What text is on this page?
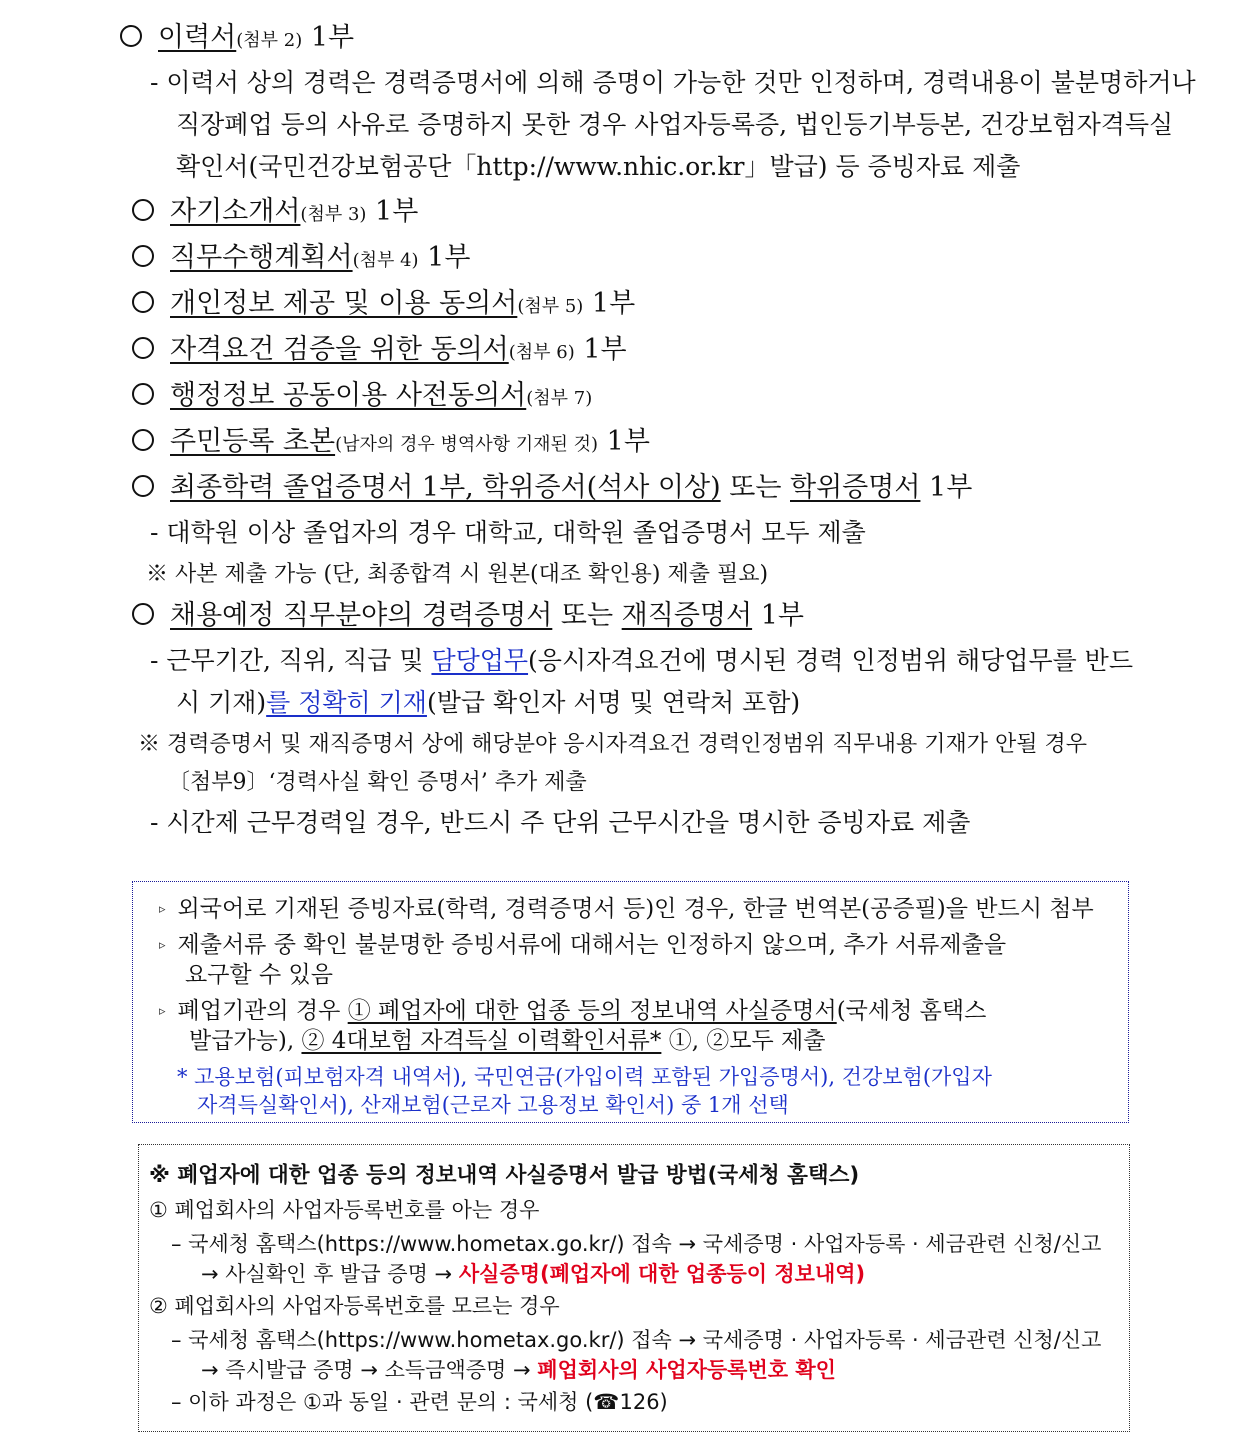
이력서(첨부 2) 1부
- 이력서 상의 경력은 경력증명서에 의해 증명이 가능한 것만 인정하며, 경력내용이 불분명하거나
직장폐업 등의 사유로 증명하지 못한 경우 사업자등록증, 법인등기부등본, 건강보험자격득실
확인서(국민건강보험공단「http://www.nhic.or.kr」발급) 등 증빙자료 제출
자기소개서(첨부 3) 1부
직무수행계획서(첨부 4) 1부
개인정보 제공 및 이용 동의서(첨부 5) 1부
자격요건 검증을 위한 동의서(첨부 6) 1부
행정정보 공동이용 사전동의서(첨부 7)
주민등록 초본(남자의 경우 병역사항 기재된 것) 1부
최종학력 졸업증명서 1부, 학위증서(석사 이상) 또는 학위증명서 1부
- 대학원 이상 졸업자의 경우 대학교, 대학원 졸업증명서 모두 제출
※ 사본 제출 가능 (단, 최종합격 시 원본(대조 확인용) 제출 필요)
채용예정 직무분야의 경력증명서 또는 재직증명서 1부
- 근무기간, 직위, 직급 및 담당업무(응시자격요건에 명시된 경력 인정범위 해당업무를 반드
시 기재)를 정확히 기재(발급 확인자 서명 및 연락처 포함)
※ 경력증명서 및 재직증명서 상에 해당분야 응시자격요건 경력인정범위 직무내용 기재가 안될 경우
〔첨부9〕‘경력사실 확인 증명서’ 추가 제출
- 시간제 근무경력일 경우, 반드시 주 단위 근무시간을 명시한 증빙자료 제출
▹ 외국어로 기재된 증빙자료(학력, 경력증명서 등)인 경우, 한글 번역본(공증필)을 반드시 첨부
▹ 제출서류 중 확인 불분명한 증빙서류에 대해서는 인정하지 않으며, 추가 서류제출을
요구할 수 있음
▹ 폐업기관의 경우 ① 폐업자에 대한 업종 등의 정보내역 사실증명서(국세청 홈택스
발급가능), ② 4대보험 자격득실 이력확인서류* ①, ②모두 제출
* 고용보험(피보험자격 내역서), 국민연금(가입이력 포함된 가입증명서), 건강보험(가입자
자격득실확인서), 산재보험(근로자 고용정보 확인서) 중 1개 선택
※ 폐업자에 대한 업종 등의 정보내역 사실증명서 발급 방법(국세청 홈택스)
① 폐업회사의 사업자등록번호를 아는 경우
– 국세청 홈택스(https://www.hometax.go.kr/) 접속 → 국세증명 · 사업자등록 · 세금관련 신청/신고
→ 사실확인 후 발급 증명 → 사실증명(폐업자에 대한 업종등이 정보내역)
② 폐업회사의 사업자등록번호를 모르는 경우
– 국세청 홈택스(https://www.hometax.go.kr/) 접속 → 국세증명 · 사업자등록 · 세금관련 신청/신고
→ 즉시발급 증명 → 소득금액증명 → 폐업회사의 사업자등록번호 확인
– 이하 과정은 ①과 동일 · 관련 문의 : 국세청 (☎126)
